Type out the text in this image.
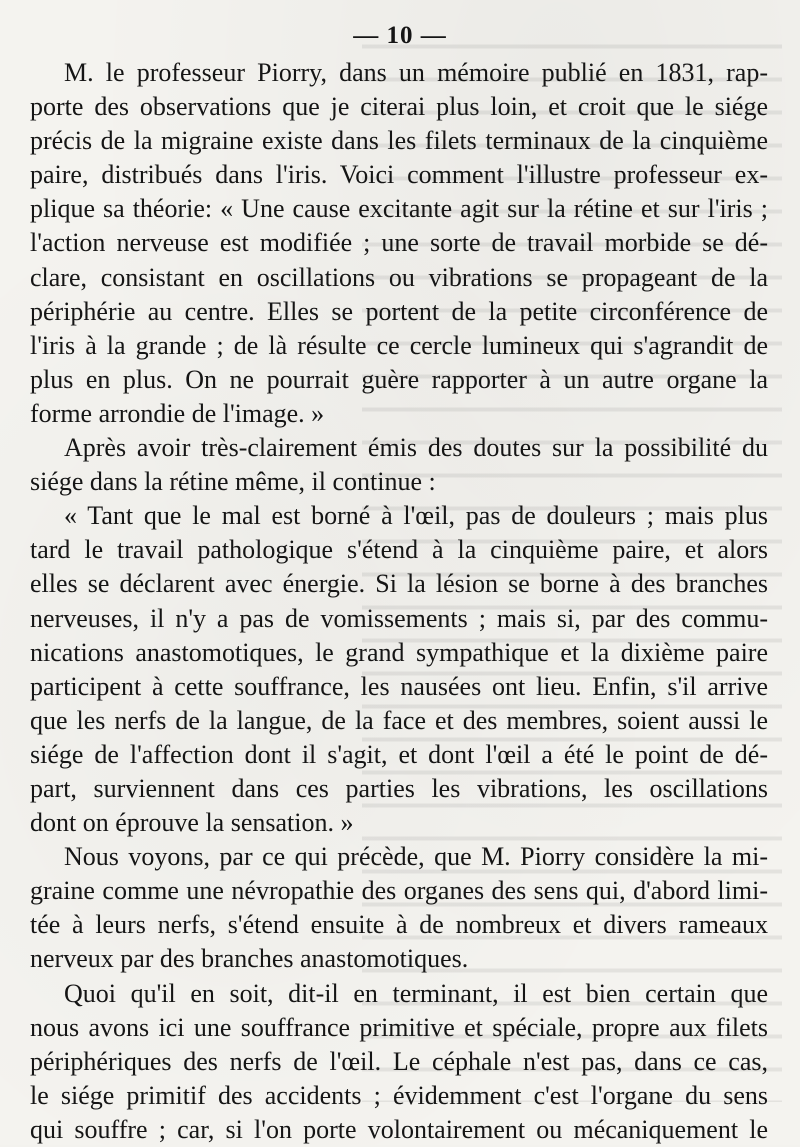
— 10 —
M. le professeur Piorry, dans un mémoire publié en 1831, rap-
porte des observations que je citerai plus loin, et croit que le siége
précis de la migraine existe dans les filets terminaux de la cinquième
paire, distribués dans l'iris. Voici comment l'illustre professeur ex-
plique sa théorie: « Une cause excitante agit sur la rétine et sur l'iris ;
l'action nerveuse est modifiée ; une sorte de travail morbide se dé-
clare, consistant en oscillations ou vibrations se propageant de la
périphérie au centre. Elles se portent de la petite circonférence de
l'iris à la grande ; de là résulte ce cercle lumineux qui s'agrandit de
plus en plus. On ne pourrait guère rapporter à un autre organe la
forme arrondie de l'image. »
Après avoir très-clairement émis des doutes sur la possibilité du
siége dans la rétine même, il continue :
« Tant que le mal est borné à l'œil, pas de douleurs ; mais plus
tard le travail pathologique s'étend à la cinquième paire, et alors
elles se déclarent avec énergie. Si la lésion se borne à des branches
nerveuses, il n'y a pas de vomissements ; mais si, par des commu-
nications anastomotiques, le grand sympathique et la dixième paire
participent à cette souffrance, les nausées ont lieu. Enfin, s'il arrive
que les nerfs de la langue, de la face et des membres, soient aussi le
siége de l'affection dont il s'agit, et dont l'œil a été le point de dé-
part, surviennent dans ces parties les vibrations, les oscillations
dont on éprouve la sensation. »
Nous voyons, par ce qui précède, que M. Piorry considère la mi-
graine comme une névropathie des organes des sens qui, d'abord limi-
tée à leurs nerfs, s'étend ensuite à de nombreux et divers rameaux
nerveux par des branches anastomotiques.
Quoi qu'il en soit, dit-il en terminant, il est bien certain que
nous avons ici une souffrance primitive et spéciale, propre aux filets
périphériques des nerfs de l'œil. Le céphale n'est pas, dans ce cas,
le siége primitif des accidents ; évidemment c'est l'organe du sens
qui souffre ; car, si l'on porte volontairement ou mécaniquement le
